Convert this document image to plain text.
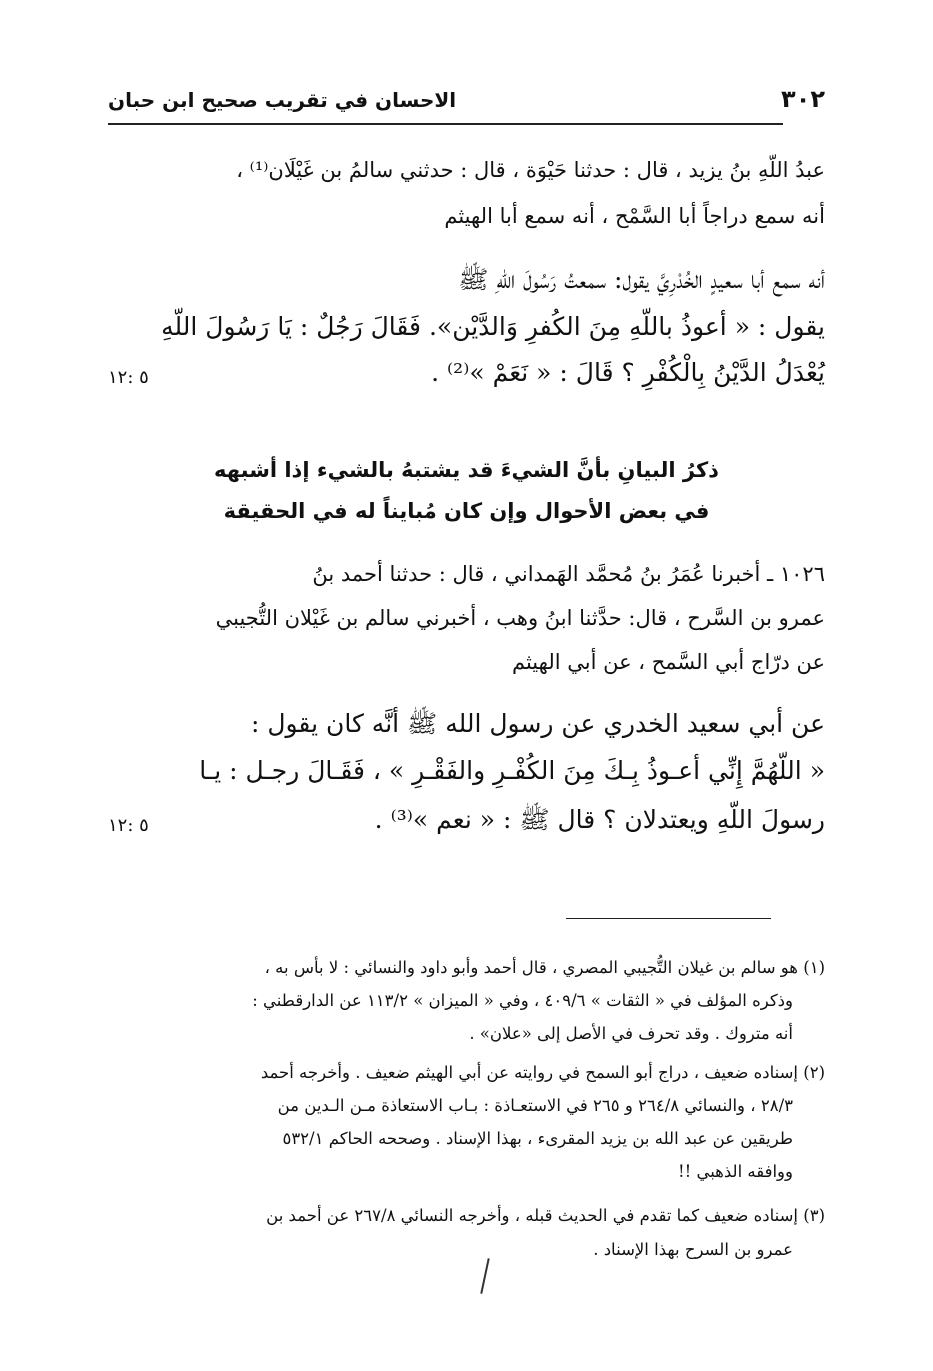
٣٠٢
الاحسان في تقريب صحيح ابن حبان
عبدُ اللّهِ بنُ يزيد ، قال : حدثنا حَيْوَة ، قال : حدثني سالمُ بن غَيْلَان⁽¹⁾ ،
أنه سمع دراجاً أبا السَّمْح ، أنه سمع أبا الهيثم
أنه سمع أبا سعيدٍ الخُدْرِيَّ يقول: سمعتُ رَسُولَ اللّهِ ﷺ
يقول : « أعوذُ باللّهِ مِنَ الكُفرِ وَالدَّيْن». فَقَالَ رَجُلٌ : يَا رَسُولَ اللّهِ
يُعْدَلُ الدَّيْنُ بِالْكُفْرِ ؟ قَالَ : « نَعَمْ »⁽²⁾ .
٥ :١٢
ذكرُ البيانِ بأنَّ الشيءَ قد يشتبهُ بالشيء إذا أشبهه
في بعض الأحوال وإن كان مُبايناً له في الحقيقة
١٠٢٦ ـ أخبرنا عُمَرُ بنُ مُحمَّد الهَمداني ، قال : حدثنا أحمد بنُ
عمرو بن السَّرح ، قال: حدَّثنا ابنُ وهب ، أخبرني سالم بن غَيْلان التُّجيبي
عن درّاج أبي السَّمح ، عن أبي الهيثم
عن أبي سعيد الخدري عن رسول الله ﷺ أنَّه كان يقول :
« اللّهُمَّ إِنِّي أعـوذُ بِـكَ مِنَ الكُفْـرِ والفَقْـرِ » ، فَقَـالَ رجـل : يـا
رسولَ اللّهِ ويعتدلان ؟ قال ﷺ : « نعم »⁽³⁾ .
٥ :١٢
(١) هو سالم بن غيلان التُّجيبي المصري ، قال أحمد وأبو داود والنسائي : لا بأس به ،
وذكره المؤلف في « الثقات » ٤٠٩/٦ ، وفي « الميزان » ١١٣/٢ عن الدارقطني :
أنه متروك . وقد تحرف في الأصل إلى «علان» .
(٢) إسناده ضعيف ، دراج أبو السمح في روايته عن أبي الهيثم ضعيف . وأخرجه أحمد
٢٨/٣ ، والنسائي ٢٦٤/٨ و ٢٦٥ في الاستعـاذة : بـاب الاستعاذة مـن الـدين من
طريقين عن عبد الله بن يزيد المقرىء ، بهذا الإسناد . وصححه الحاكم ٥٣٢/١
ووافقه الذهبي !!
(٣) إسناده ضعيف كما تقدم في الحديث قبله ، وأخرجه النسائي ٢٦٧/٨ عن أحمد بن
عمرو بن السرح بهذا الإسناد .
